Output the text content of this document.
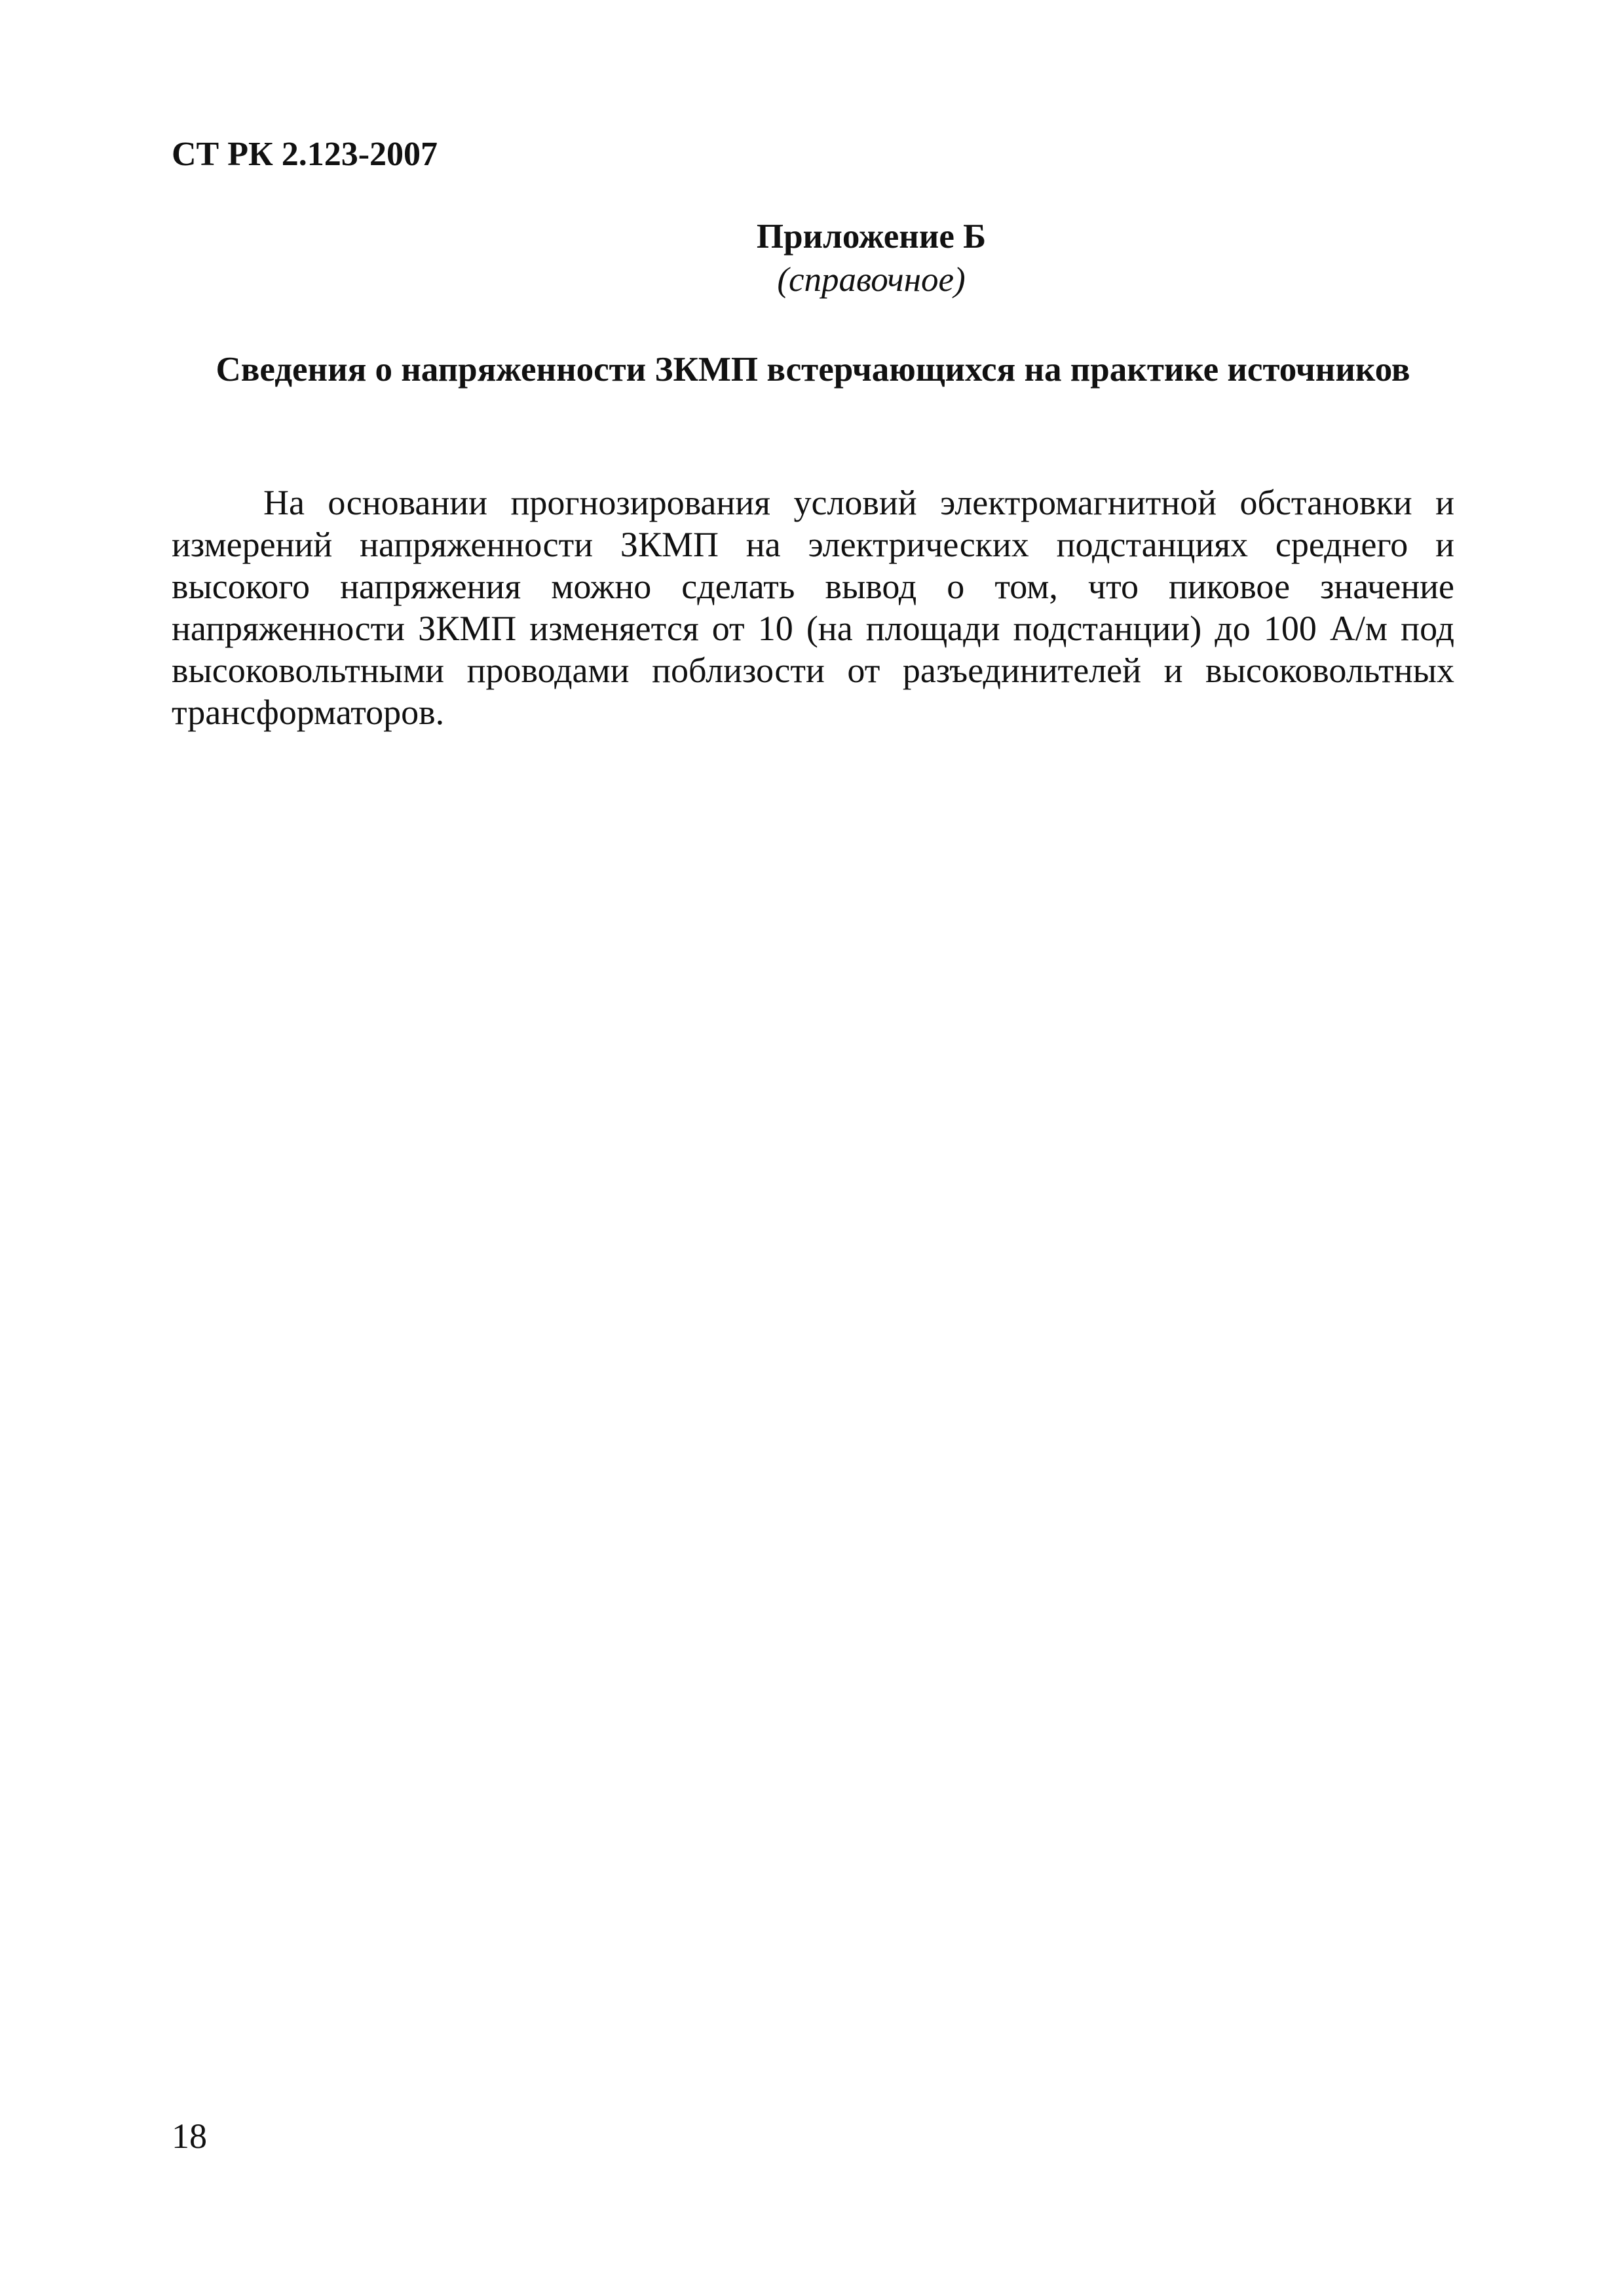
СТ РК 2.123-2007
Приложение Б
(справочное)
Сведения о напряженности ЗКМП встерчающихся на практике источников

На основании прогнозирования условий электромагнитной обстановки и измерений напряженности ЗКМП на электрических подстанциях среднего и высокого напряжения можно сделать вывод о том, что пиковое значение напряженности ЗКМП изменяется от 10 (на площади подстанции) до 100 А/м под высоковольтными проводами поблизости от разъединителей и высоковольтных трансформаторов.

18
